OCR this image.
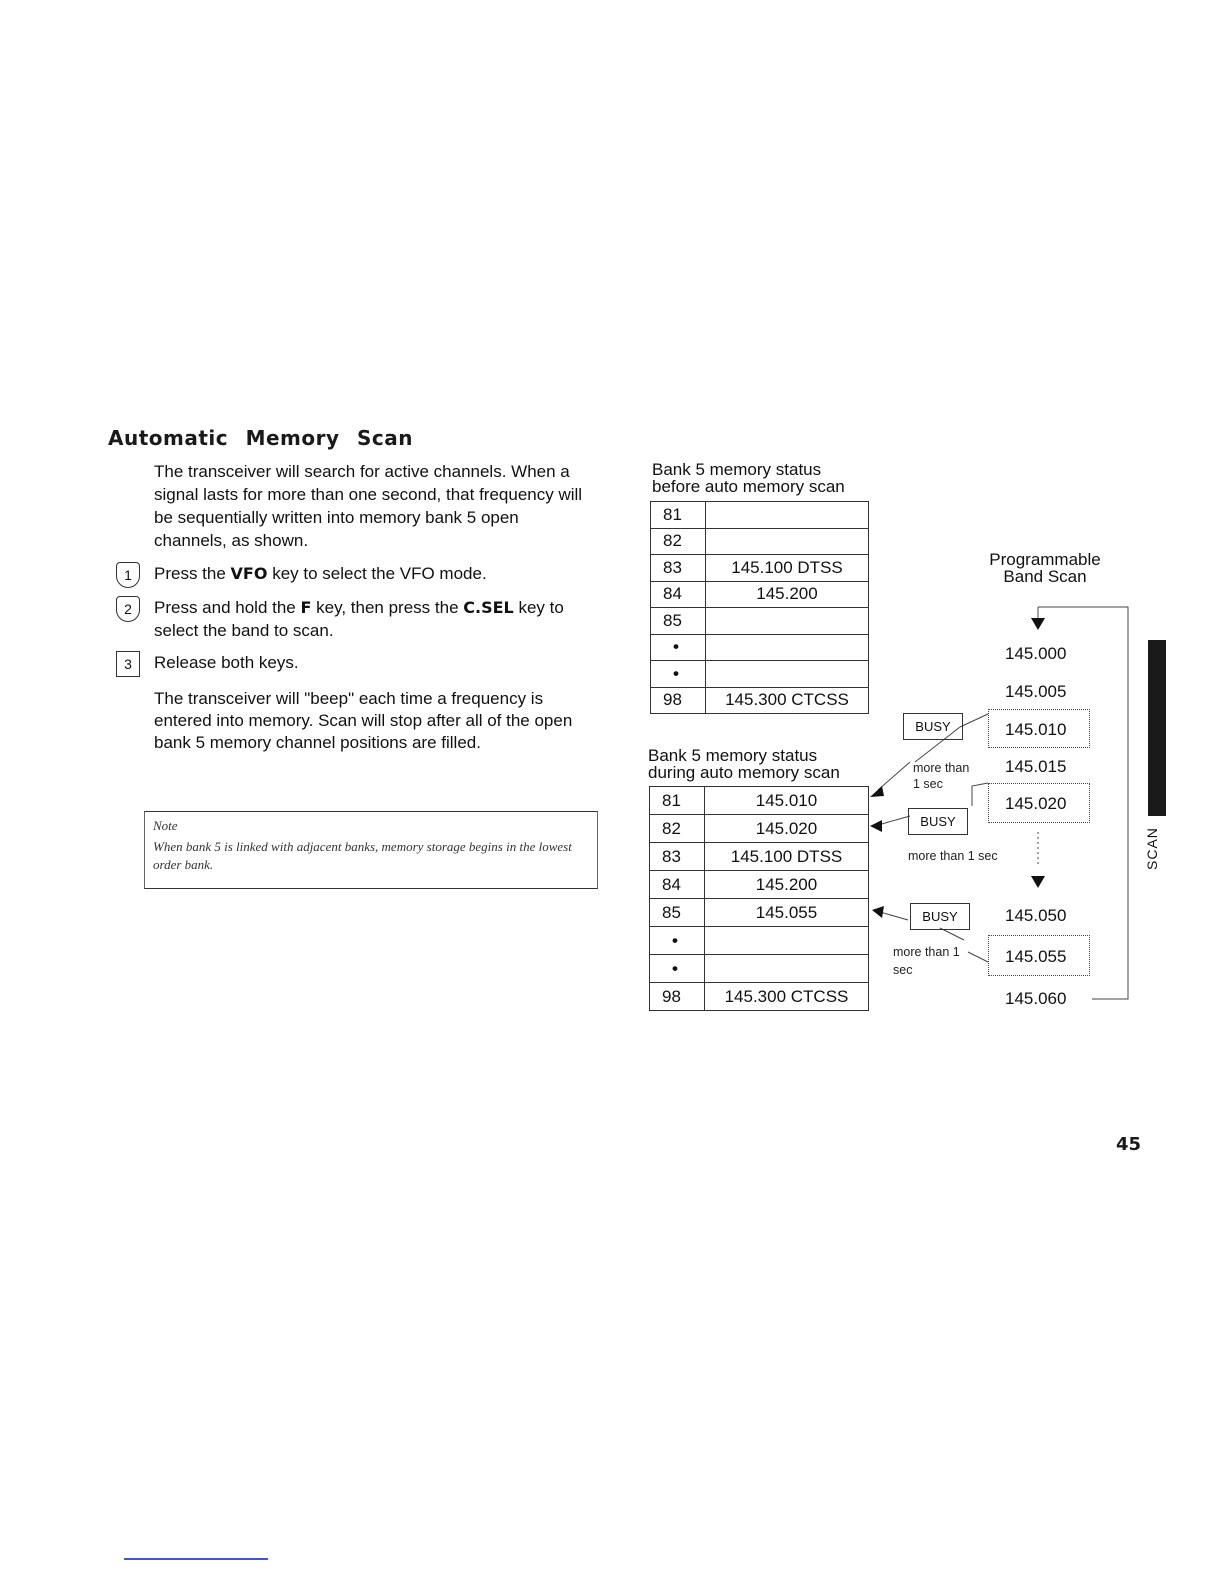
Automatic Memory Scan
The transceiver will search for active channels. When a signal lasts for more than one second, that frequency will be sequentially written into memory bank 5 open channels, as shown.
1	Press the VFO key to select the VFO mode.
2	Press and hold the F key, then press the C.SEL key to select the band to scan.
3	Release both keys.
The transceiver will "beep" each time a frequency is entered into memory. Scan will stop after all of the open bank 5 memory channel positions are filled.
Note
When bank 5 is linked with adjacent banks, memory storage begins in the lowest order bank.
Bank 5 memory status
before auto memory scan
81	
82	
83	145.100 DTSS
84	145.200
85	
•	
•	
98	145.300 CTCSS
Bank 5 memory status
during auto memory scan
81	145.010
82	145.020
83	145.100 DTSS
84	145.200
85	145.055
•	
•	
98	145.300 CTCSS
Programmable
Band Scan
145.000
145.005
145.010
145.015
145.020
145.050
145.055
145.060
BUSY
more than
1 sec
BUSY
more than 1 sec
BUSY
more than 1
sec
SCAN
45
